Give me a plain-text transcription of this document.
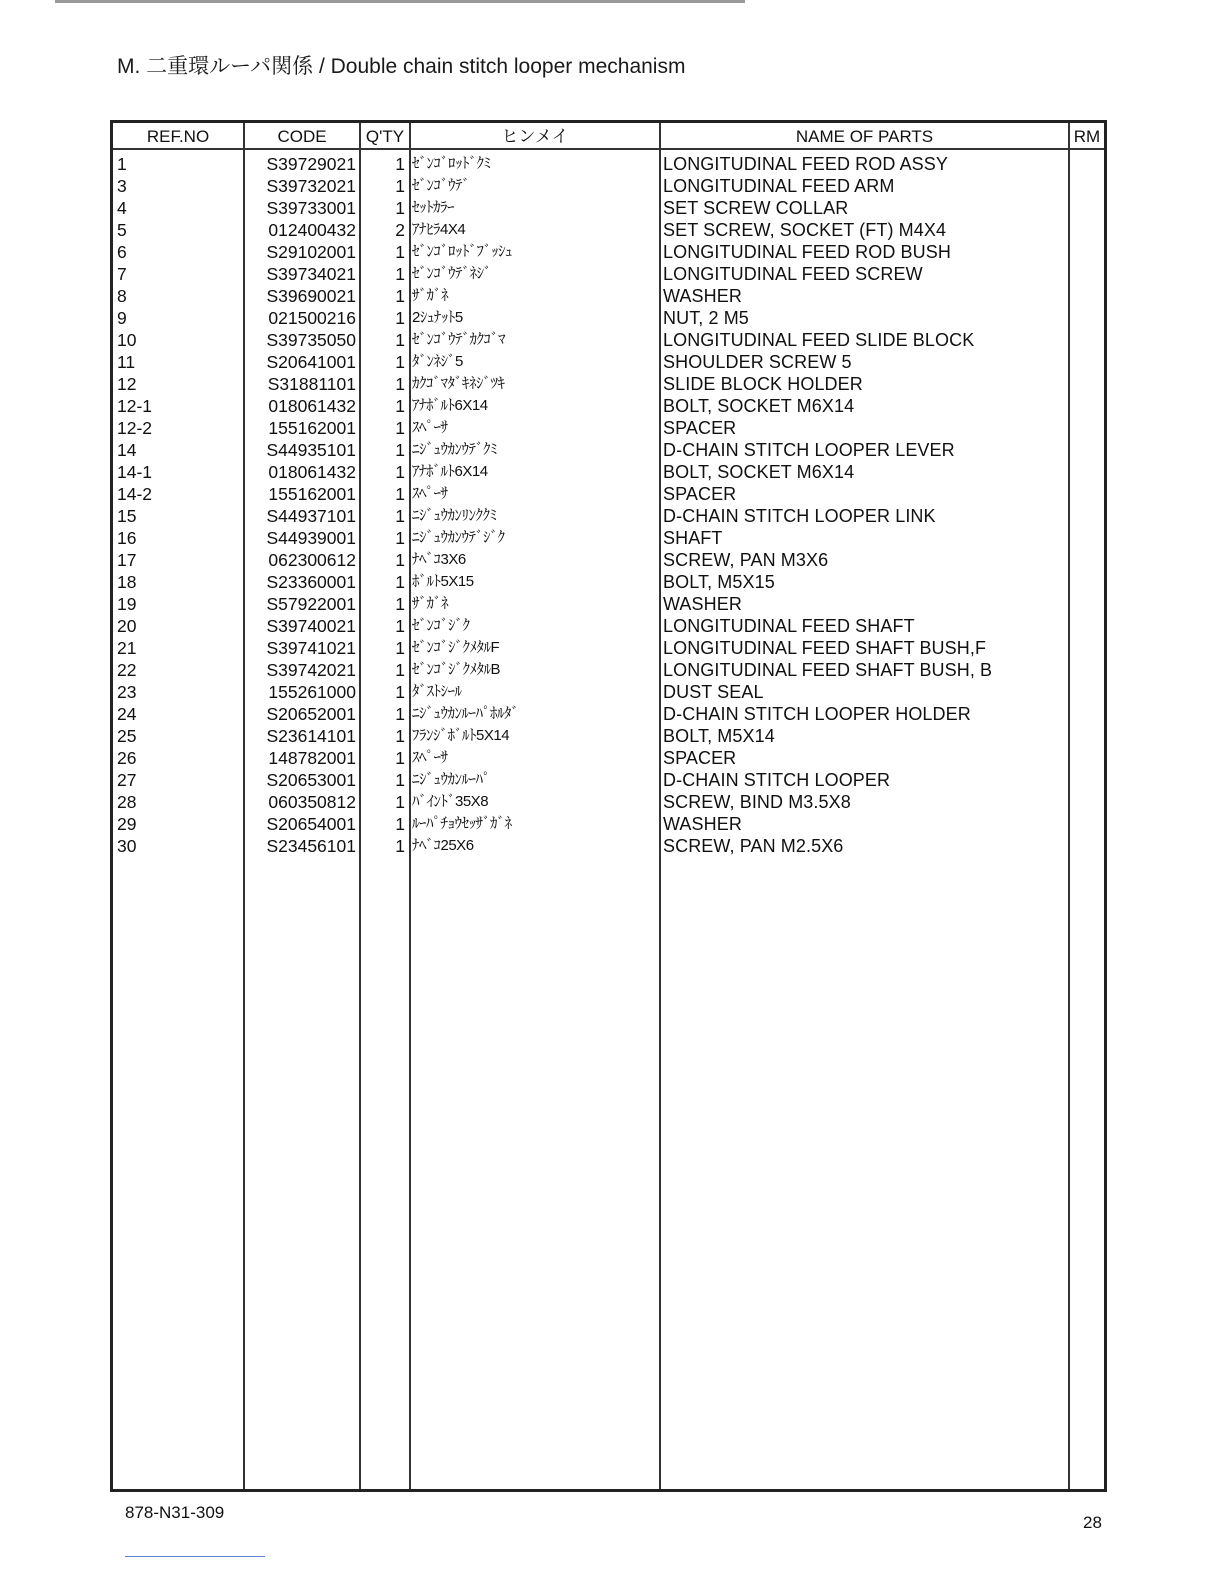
M. 二重環ルーパ関係 / Double chain stitch looper mechanism
REF.NO	CODE	Q'TY	ヒンメイ	NAME OF PARTS	RM
1	S39729021	1 ｾﾞﾝｺﾞﾛｯﾄﾞｸﾐ	LONGITUDINAL FEED ROD ASSY
3	S39732021	1 ｾﾞﾝｺﾞｳﾃﾞ	LONGITUDINAL FEED ARM
4	S39733001	1 ｾｯﾄｶﾗｰ	SET SCREW COLLAR
5	012400432	2 ｱﾅﾋﾗ4X4	SET SCREW, SOCKET (FT) M4X4
6	S29102001	1 ｾﾞﾝｺﾞﾛｯﾄﾞﾌﾞｯｼｭ	LONGITUDINAL FEED ROD BUSH
7	S39734021	1 ｾﾞﾝｺﾞｳﾃﾞﾈｼﾞ	LONGITUDINAL FEED SCREW
8	S39690021	1 ｻﾞｶﾞﾈ	WASHER
9	021500216	1 2ｼｭﾅｯﾄ5	NUT, 2 M5
10	S39735050	1 ｾﾞﾝｺﾞｳﾃﾞｶｸｺﾞﾏ	LONGITUDINAL FEED SLIDE BLOCK
11	S20641001	1 ﾀﾞﾝﾈｼﾞ5	SHOULDER SCREW 5
12	S31881101	1 ｶｸｺﾞﾏﾀﾞｷﾈｼﾞﾂｷ	SLIDE BLOCK HOLDER
12-1	018061432	1 ｱﾅﾎﾞﾙﾄ6X14	BOLT, SOCKET M6X14
12-2	155162001	1 ｽﾍﾟｰｻ	SPACER
14	S44935101	1 ﾆｼﾞｭｳｶﾝｳﾃﾞｸﾐ	D-CHAIN STITCH LOOPER LEVER
14-1	018061432	1 ｱﾅﾎﾞﾙﾄ6X14	BOLT, SOCKET M6X14
14-2	155162001	1 ｽﾍﾟｰｻ	SPACER
15	S44937101	1 ﾆｼﾞｭｳｶﾝﾘﾝｸｸﾐ	D-CHAIN STITCH LOOPER LINK
16	S44939001	1 ﾆｼﾞｭｳｶﾝｳﾃﾞｼﾞｸ	SHAFT
17	062300612	1 ﾅﾍﾞｺ3X6	SCREW, PAN M3X6
18	S23360001	1 ﾎﾞﾙﾄ5X15	BOLT, M5X15
19	S57922001	1 ｻﾞｶﾞﾈ	WASHER
20	S39740021	1 ｾﾞﾝｺﾞｼﾞｸ	LONGITUDINAL FEED SHAFT
21	S39741021	1 ｾﾞﾝｺﾞｼﾞｸﾒﾀﾙF	LONGITUDINAL FEED SHAFT BUSH,F
22	S39742021	1 ｾﾞﾝｺﾞｼﾞｸﾒﾀﾙB	LONGITUDINAL FEED SHAFT BUSH, B
23	155261000	1 ﾀﾞｽﾄｼｰﾙ	DUST SEAL
24	S20652001	1 ﾆｼﾞｭｳｶﾝﾙｰﾊﾟﾎﾙﾀﾞ	D-CHAIN STITCH LOOPER HOLDER
25	S23614101	1 ﾌﾗﾝｼﾞﾎﾞﾙﾄ5X14	BOLT, M5X14
26	148782001	1 ｽﾍﾟｰｻ	SPACER
27	S20653001	1 ﾆｼﾞｭｳｶﾝﾙｰﾊﾟ	D-CHAIN STITCH LOOPER
28	060350812	1 ﾊﾞｲﾝﾄﾞ35X8	SCREW, BIND M3.5X8
29	S20654001	1 ﾙｰﾊﾟﾁｮｳｾｯｻﾞｶﾞﾈ	WASHER
30	S23456101	1 ﾅﾍﾞｺ25X6	SCREW, PAN M2.5X6
878-N31-309
28
